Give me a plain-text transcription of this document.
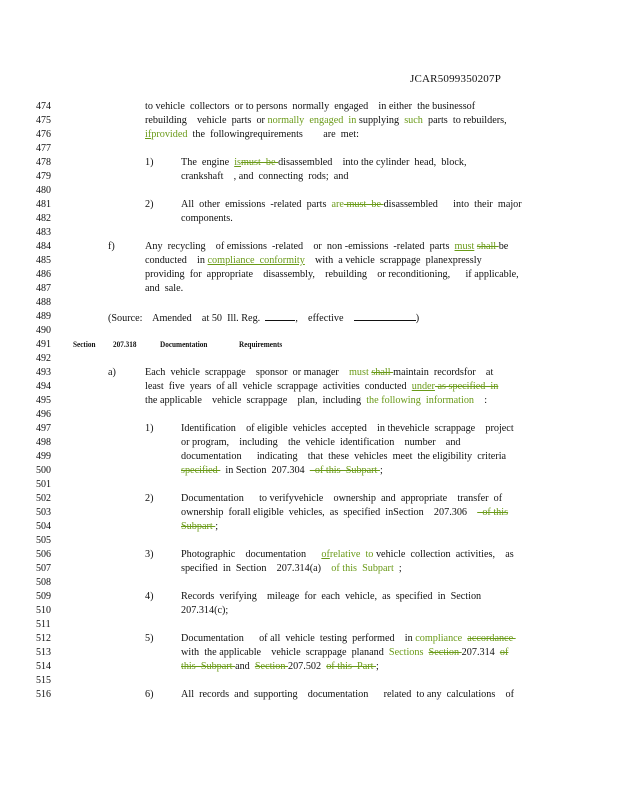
JCAR5099350207P
474
475
476
477
478
479
480
481
482
483
484
485
486
487
488
489
490
491
492
493
494
495
496
497
498
499
500
501
502
503
504
505
506
507
508
509
510
511
512
513
514
515
516
to vehicle  collectors  or to persons  normally  engaged    in either  the businessof
rebuilding    vehicle  parts  or normally  engaged  in supplying  such  parts  to rebuilders,
ifprovided  the  followingrequirements        are  met:
1)	The  engine  ismust  be disassembled    into the cylinder  head,  block,
crankshaft    , and  connecting  rods;  and
2)	All  other  emissions  -related  parts  are must  be disassembled      into  their  major
components.
f)	Any  recycling    of emissions  -related    or  non -emissions  -related  parts  must shall be
conducted    in compliance  conformity    with  a vehicle  scrappage  planexpressly
providing  for  appropriate    disassembly,    rebuilding    or reconditioning,      if applicable,
and  sale.
(Source:    Amended    at 50  Ill. Reg.	,    effective	)
Section 207.318	Documentation	Requirements
a)	Each  vehicle  scrappage    sponsor  or manager    must shall maintain  recordsfor    at
least  five  years  of all  vehicle  scrappage  activities  conducted  under as specified  in
the applicable    vehicle  scrappage    plan,  including  the following  information    :
1)	Identification    of eligible  vehicles  accepted    in thevehicle  scrappage    project
or program,    including    the  vehicle  identification    number    and
documentation      indicating    that  these  vehicles  meet  the eligibility  criteria
specified   in Section  207.304    of this  Subpart ;
2)	Documentation      to verifyvehicle    ownership  and  appropriate    transfer  of
ownership  forall eligible  vehicles,  as  specified  inSection    207.306      of this
Subpart ;
3)	Photographic    documentation      ofrelative  to vehicle  collection  activities,    as
specified  in  Section    207.314(a)    of this  Subpart  ;
4)	Records  verifying    mileage  for  each  vehicle,  as  specified  in  Section
207.314(c);
5)	Documentation      of all  vehicle  testing  performed    in compliance accordance
with  the applicable    vehicle  scrappage  planand  Sections Section 207.314  of
this  Subpart and  Section 207.502  of this  Part ;
6)	All  records  and  supporting    documentation      related  to any  calculations    of
